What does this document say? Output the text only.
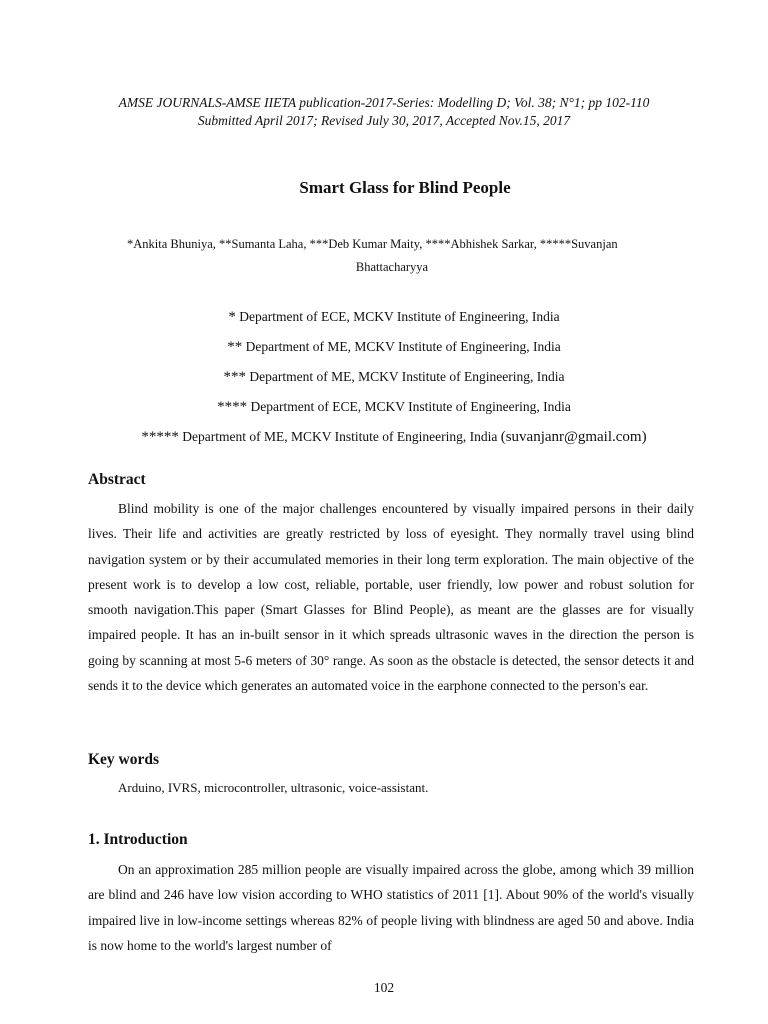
AMSE JOURNALS-AMSE IIETA publication-2017-Series: Modelling D; Vol. 38; N°1; pp 102-110
Submitted April 2017; Revised July 30, 2017, Accepted Nov.15, 2017
Smart Glass for Blind People
*Ankita Bhuniya, **Sumanta Laha, ***Deb Kumar Maity, ****Abhishek Sarkar, *****Suvanjan
Bhattacharyya
* Department of ECE, MCKV Institute of Engineering, India
** Department of ME, MCKV Institute of Engineering, India
*** Department of ME, MCKV Institute of Engineering, India
**** Department of ECE, MCKV Institute of Engineering, India
***** Department of ME, MCKV Institute of Engineering, India (suvanjanr@gmail.com)
Abstract
Blind mobility is one of the major challenges encountered by visually impaired persons in their daily lives. Their life and activities are greatly restricted by loss of eyesight. They normally travel using blind navigation system or by their accumulated memories in their long term exploration. The main objective of the present work is to develop a low cost, reliable, portable, user friendly, low power and robust solution for smooth navigation.This paper (Smart Glasses for Blind People), as meant are the glasses are for visually impaired people. It has an in-built sensor in it which spreads ultrasonic waves in the direction the person is going by scanning at most 5-6 meters of 30° range. As soon as the obstacle is detected, the sensor detects it and sends it to the device which generates an automated voice in the earphone connected to the person's ear.
Key words
Arduino, IVRS, microcontroller, ultrasonic, voice-assistant.
1. Introduction
On an approximation 285 million people are visually impaired across the globe, among which 39 million are blind and 246 have low vision according to WHO statistics of 2011 [1]. About 90% of the world's visually impaired live in low-income settings whereas 82% of people living with blindness are aged 50 and above. India is now home to the world's largest number of
102
